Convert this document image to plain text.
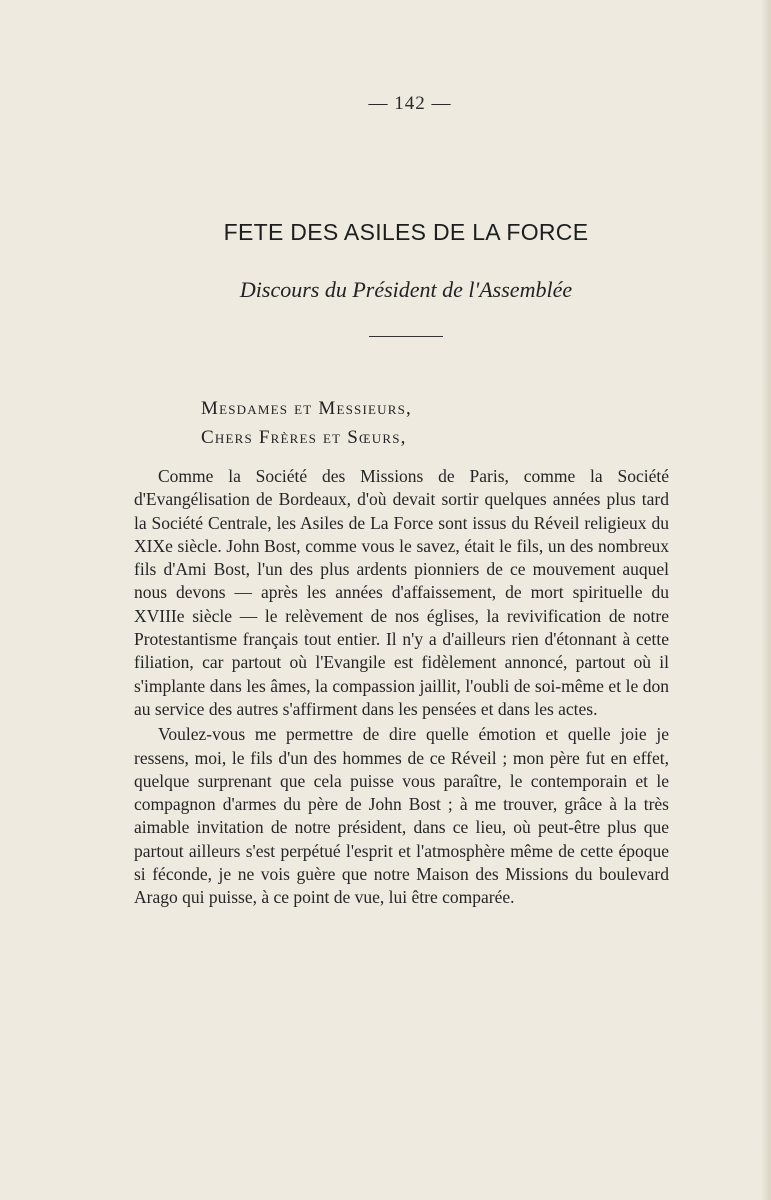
— 142 —
FETE DES ASILES DE LA FORCE
Discours du Président de l'Assemblée
Mesdames et Messieurs,
Chers Frères et Sœurs,

Comme la Société des Missions de Paris, comme la Société d'Evangélisation de Bordeaux, d'où devait sortir quelques années plus tard la Société Centrale, les Asiles de La Force sont issus du Réveil religieux du XIXe siècle. John Bost, comme vous le savez, était le fils, un des nombreux fils d'Ami Bost, l'un des plus ardents pionniers de ce mouvement auquel nous devons — après les années d'affaissement, de mort spirituelle du XVIIIe siècle — le relèvement de nos églises, la revivification de notre Protestantisme français tout entier. Il n'y a d'ailleurs rien d'étonnant à cette filiation, car partout où l'Evangile est fidèlement annoncé, partout où il s'implante dans les âmes, la compassion jaillit, l'oubli de soi-même et le don au service des autres s'affirment dans les pensées et dans les actes.

Voulez-vous me permettre de dire quelle émotion et quelle joie je ressens, moi, le fils d'un des hommes de ce Réveil ; mon père fut en effet, quelque surprenant que cela puisse vous paraître, le contemporain et le compagnon d'armes du père de John Bost ; à me trouver, grâce à la très aimable invitation de notre président, dans ce lieu, où peut-être plus que partout ailleurs s'est perpétué l'esprit et l'atmosphère même de cette époque si féconde, je ne vois guère que notre Maison des Missions du boulevard Arago qui puisse, à ce point de vue, lui être comparée.
